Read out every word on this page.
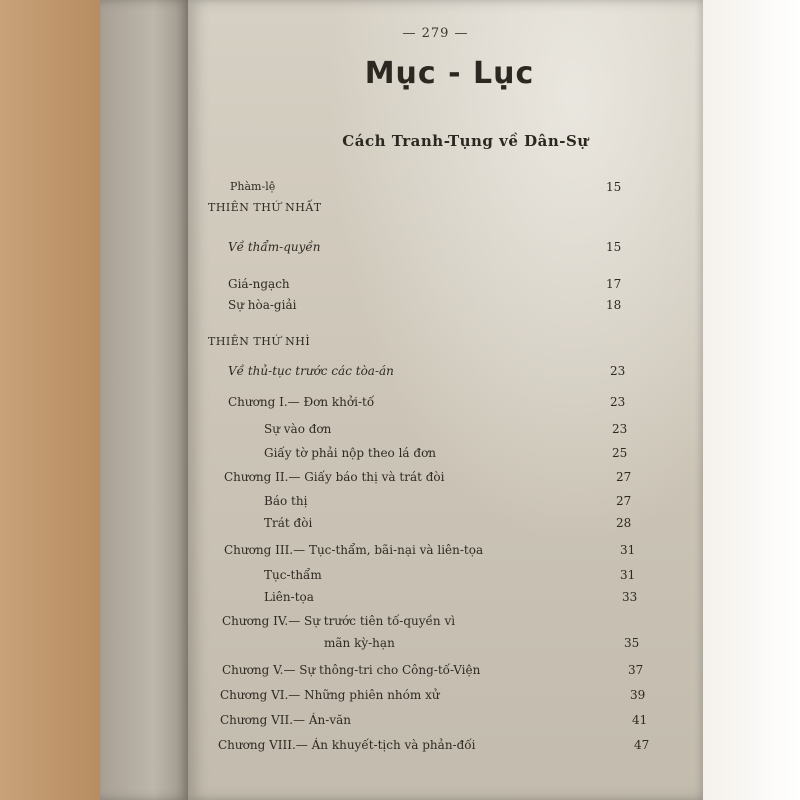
— 279 —
Mục - Lục
Cách Tranh-Tụng về Dân-Sự
Phàm-lệ	15
THIÊN THỨ NHẤT
Về thẩm-quyền	15
Giá-ngạch	17
Sự hòa-giải	18
THIÊN THỨ NHÌ
Về thủ-tục trước các tòa-án	23
Chương I.— Đơn khởi-tố	23
Sự vào đơn	23
Giấy tờ phải nộp theo lá đơn	25
Chương II.— Giấy báo thị và trát đòi	27
Báo thị	27
Trát đòi	28
Chương III.— Tục-thẩm, bãi-nại và liên-tọa	31
Tục-thẩm	31
Liên-tọa	33
Chương IV.— Sự trước tiên tố-quyền vì
mãn kỳ-hạn	35
Chương V.— Sự thông-tri cho Công-tố-Viện	37
Chương VI.— Những phiên nhóm xử	39
Chương VII.— Án-văn	41
Chương VIII.— Án khuyết-tịch và phản-đối	47
